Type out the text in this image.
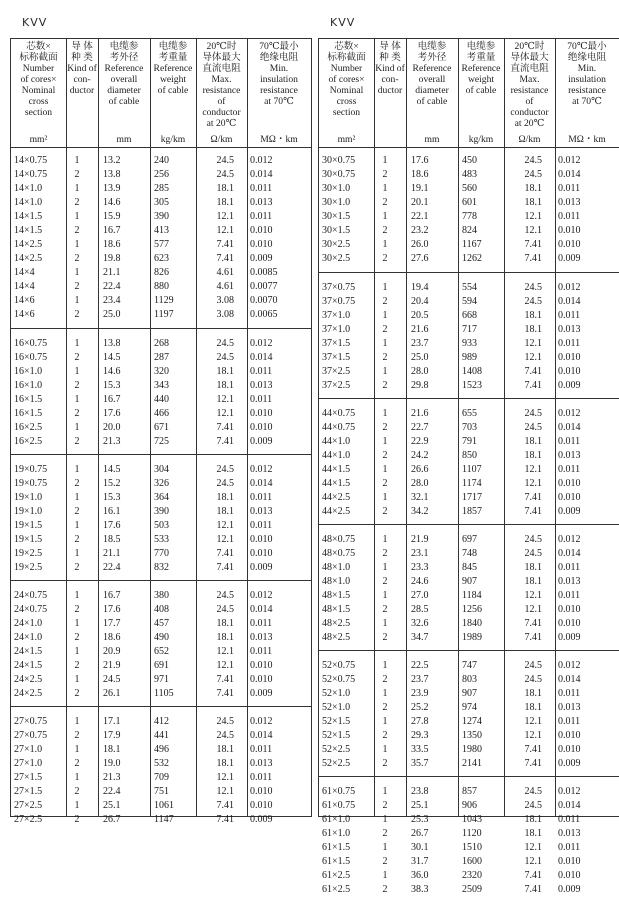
KVV
芯数×
标称截面
Number
of cores×
Nominal
cross
section
mm²
导 体
种 类
Kind of
con-
ductor
电缆参
考外径
Reference
overall
diameter
of cable
mm
电缆参
考重量
Reference
weight
of cable
kg/km
20℃时
导体最大
直流电阻
Max.
resistance
of
conductor
at 20℃
Ω/km
70℃最小
绝缘电阻
Min.
insulation
resistance
at 70℃
MΩ・km
14×0.75	1	13.2	240	24.5 0.012
14×0.75	2	13.8	256	24.5 0.014
14×1.0	1	13.9	285	18.1 0.011
14×1.0	2	14.6	305	18.1 0.013
14×1.5	1	15.9	390	12.1 0.011
14×1.5	2	16.7	413	12.1 0.010
14×2.5	1	18.6	577	7.41 0.010
14×2.5	2	19.8	623	7.41 0.009
14×4	1	21.1	826	4.61 0.0085
14×4	2	22.4	880	4.61 0.0077
14×6	1	23.4	1129	3.08 0.0070
14×6	2	25.0	1197	3.08 0.0065
16×0.75	1	13.8	268	24.5 0.012
16×0.75	2	14.5	287	24.5 0.014
16×1.0	1	14.6	320	18.1 0.011
16×1.0	2	15.3	343	18.1 0.013
16×1.5	1	16.7	440	12.1 0.011
16×1.5	2	17.6	466	12.1 0.010
16×2.5	1	20.0	671	7.41 0.010
16×2.5	2	21.3	725	7.41 0.009
19×0.75	1	14.5	304	24.5 0.012
19×0.75	2	15.2	326	24.5 0.014
19×1.0	1	15.3	364	18.1 0.011
19×1.0	2	16.1	390	18.1 0.013
19×1.5	1	17.6	503	12.1 0.011
19×1.5	2	18.5	533	12.1 0.010
19×2.5	1	21.1	770	7.41 0.010
19×2.5	2	22.4	832	7.41 0.009
24×0.75	1	16.7	380	24.5 0.012
24×0.75	2	17.6	408	24.5 0.014
24×1.0	1	17.7	457	18.1 0.011
24×1.0	2	18.6	490	18.1 0.013
24×1.5	1	20.9	652	12.1 0.011
24×1.5	2	21.9	691	12.1 0.010
24×2.5	1	24.5	971	7.41 0.010
24×2.5	2	26.1	1105	7.41 0.009
27×0.75	1	17.1	412	24.5 0.012
27×0.75	2	17.9	441	24.5 0.014
27×1.0	1	18.1	496	18.1 0.011
27×1.0	2	19.0	532	18.1 0.013
27×1.5	1	21.3	709	12.1 0.011
27×1.5	2	22.4	751	12.1 0.010
27×2.5	1	25.1	1061	7.41 0.010
27×2.5	2	26.7	1147	7.41 0.009
KVV
芯数×
标称截面
Number
of cores×
Nominal
cross
section
mm²
导 体
种 类
Kind of
con-
ductor
电缆参
考外径
Reference
overall
diameter
of cable
mm
电缆参
考重量
Reference
weight
of cable
kg/km
20℃时
导体最大
直流电阻
Max.
resistance
of
conductor
at 20℃
Ω/km
70℃最小
绝缘电阻
Min.
insulation
resistance
at 70℃
MΩ・km
30×0.75	1	17.6	450	24.5 0.012
30×0.75	2	18.6	483	24.5 0.014
30×1.0	1	19.1	560	18.1 0.011
30×1.0	2	20.1	601	18.1 0.013
30×1.5	1	22.1	778	12.1 0.011
30×1.5	2	23.2	824	12.1 0.010
30×2.5	1	26.0	1167	7.41 0.010
30×2.5	2	27.6	1262	7.41 0.009
37×0.75	1	19.4	554	24.5 0.012
37×0.75	2	20.4	594	24.5 0.014
37×1.0	1	20.5	668	18.1 0.011
37×1.0	2	21.6	717	18.1 0.013
37×1.5	1	23.7	933	12.1 0.011
37×1.5	2	25.0	989	12.1 0.010
37×2.5	1	28.0	1408	7.41 0.010
37×2.5	2	29.8	1523	7.41 0.009
44×0.75	1	21.6	655	24.5 0.012
44×0.75	2	22.7	703	24.5 0.014
44×1.0	1	22.9	791	18.1 0.011
44×1.0	2	24.2	850	18.1 0.013
44×1.5	1	26.6	1107	12.1 0.011
44×1.5	2	28.0	1174	12.1 0.010
44×2.5	1	32.1	1717	7.41 0.010
44×2.5	2	34.2	1857	7.41 0.009
48×0.75	1	21.9	697	24.5 0.012
48×0.75	2	23.1	748	24.5 0.014
48×1.0	1	23.3	845	18.1 0.011
48×1.0	2	24.6	907	18.1 0.013
48×1.5	1	27.0	1184	12.1 0.011
48×1.5	2	28.5	1256	12.1 0.010
48×2.5	1	32.6	1840	7.41 0.010
48×2.5	2	34.7	1989	7.41 0.009
52×0.75	1	22.5	747	24.5 0.012
52×0.75	2	23.7	803	24.5 0.014
52×1.0	1	23.9	907	18.1 0.011
52×1.0	2	25.2	974	18.1 0.013
52×1.5	1	27.8	1274	12.1 0.011
52×1.5	2	29.3	1350	12.1 0.010
52×2.5	1	33.5	1980	7.41 0.010
52×2.5	2	35.7	2141	7.41 0.009
61×0.75	1	23.8	857	24.5 0.012
61×0.75	2	25.1	906	24.5 0.014
61×1.0	1	25.3	1043	18.1 0.011
61×1.0	2	26.7	1120	18.1 0.013
61×1.5	1	30.1	1510	12.1 0.011
61×1.5	2	31.7	1600	12.1 0.010
61×2.5	1	36.0	2320	7.41 0.010
61×2.5	2	38.3	2509	7.41 0.009
